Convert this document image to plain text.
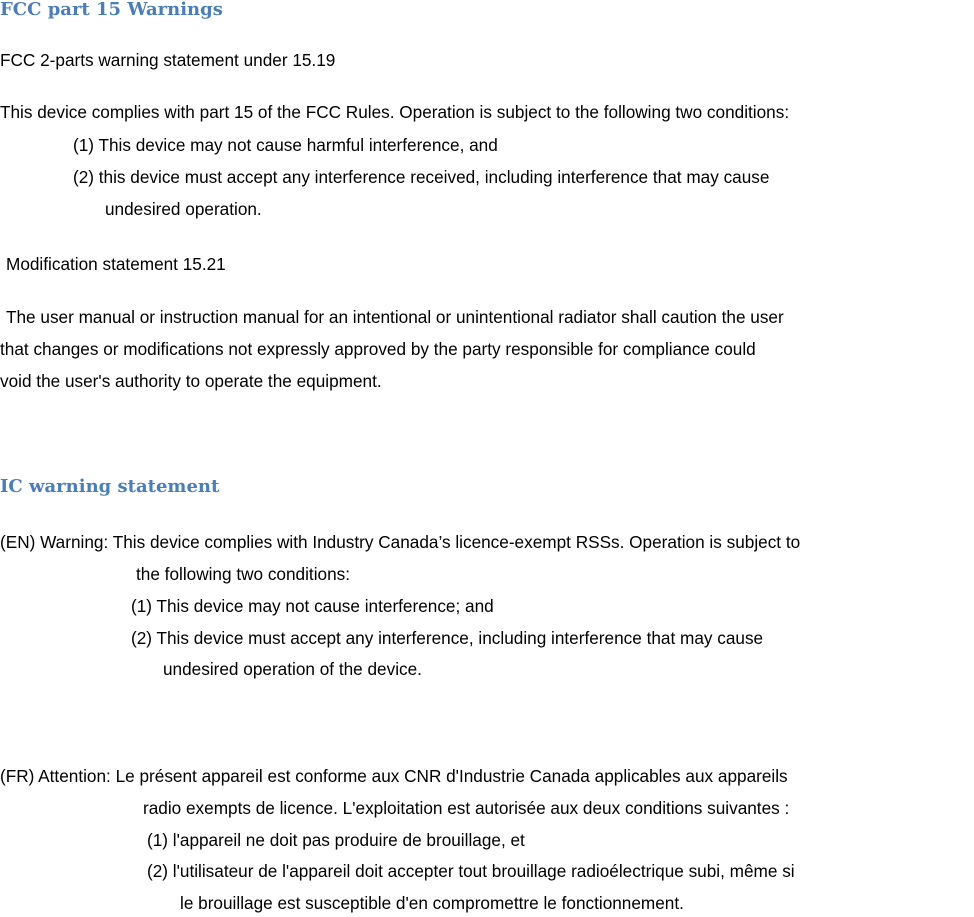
FCC part 15 Warnings
FCC 2-parts warning statement under 15.19
This device complies with part 15 of the FCC Rules. Operation is subject to the following two conditions:
(1) This device may not cause harmful interference, and
(2) this device must accept any interference received, including interference that may cause
undesired operation.
Modification statement 15.21
The user manual or instruction manual for an intentional or unintentional radiator shall caution the user
that changes or modifications not expressly approved by the party responsible for compliance could
void the user's authority to operate the equipment.
IC warning statement
(EN) Warning: This device complies with Industry Canada’s licence-exempt RSSs. Operation is subject to
the following two conditions:
(1) This device may not cause interference; and
(2) This device must accept any interference, including interference that may cause
undesired operation of the device.
(FR) Attention: Le présent appareil est conforme aux CNR d'Industrie Canada applicables aux appareils
radio exempts de licence. L'exploitation est autorisée aux deux conditions suivantes :
(1) l'appareil ne doit pas produire de brouillage, et
(2) l'utilisateur de l'appareil doit accepter tout brouillage radioélectrique subi, même si
le brouillage est susceptible d'en compromettre le fonctionnement.
